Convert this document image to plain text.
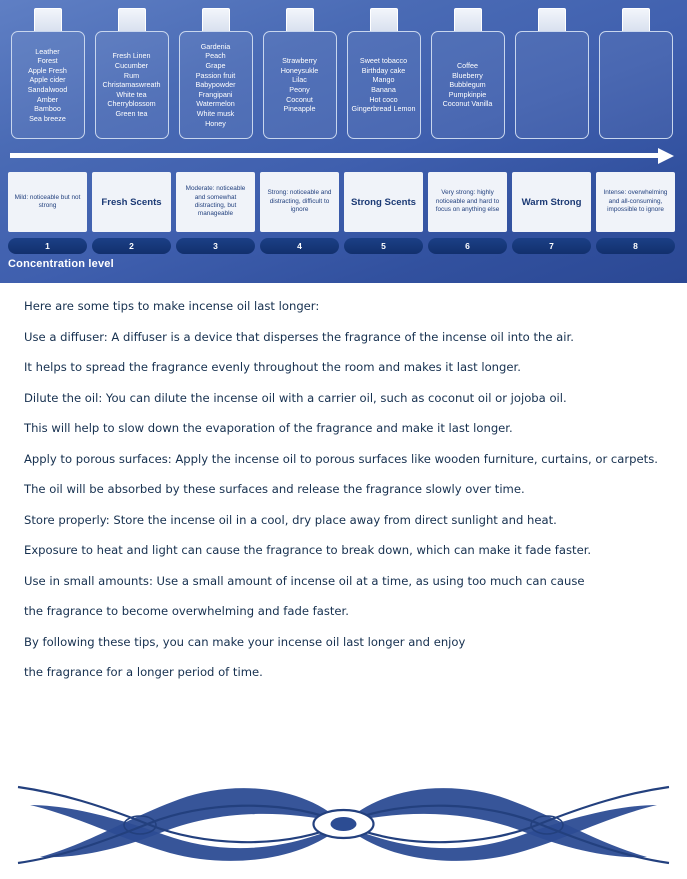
Leather
Forest
Apple Fresh
Apple cider
Sandalwood
Amber
Bamboo
Sea breeze
Fresh Linen
Cucumber
Rum
Christamaswreath
White tea
Cherryblossom
Green tea
Gardenia
Peach
Grape
Passion fruit
Babypowder
Frangipani
Watermelon
White musk
Honey
Strawberry
Honeysukle
Lilac
Peony
Coconut
Pineapple
Sweet tobacco
Birthday cake
Mango
Banana
Hot coco
Gingerbread Lemon
Coffee
Blueberry
Bubblegum
Pumpkinpie
Coconut Vanilla
Mild: noticeable but not strong	Fresh Scents
Moderate: noticeable and somewhat distracting, but manageable
Strong: noticeable and distracting, difficult to ignore
Strong Scents
Very strong: highly noticeable and hard to focus on anything else
Warm Strong
Intense: overwhelming and all-consuming, impossible to ignore
1	2	3	4	5	6	7	8
Concentration level

Here are some tips to make incense oil last longer:

Use a diffuser: A diffuser is a device that disperses the fragrance of the incense oil into the air.

It helps to spread the fragrance evenly throughout the room and makes it last longer.

Dilute the oil: You can dilute the incense oil with a carrier oil, such as coconut oil or jojoba oil.

This will help to slow down the evaporation of the fragrance and make it last longer.

Apply to porous surfaces: Apply the incense oil to porous surfaces like wooden furniture, curtains, or carpets.

The oil will be absorbed by these surfaces and release the fragrance slowly over time.

Store properly: Store the incense oil in a cool, dry place away from direct sunlight and heat.

Exposure to heat and light can cause the fragrance to break down, which can make it fade faster.

Use in small amounts: Use a small amount of incense oil at a time, as using too much can cause

the fragrance to become overwhelming and fade faster.

By following these tips, you can make your incense oil last longer and enjoy

the fragrance for a longer period of time.
